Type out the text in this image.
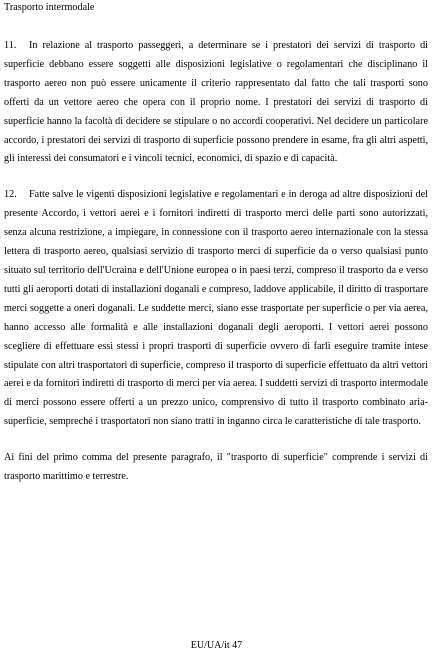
Trasporto intermodale

11. In relazione al trasporto passeggeri, a determinare se i prestatori dei servizi di trasporto di superficie debbano essere soggetti alle disposizioni legislative o regolamentari che disciplinano il trasporto aereo non può essere unicamente il criterio rappresentato dal fatto che tali trasporti sono offerti da un vettore aereo che opera con il proprio nome. I prestatori dei servizi di trasporto di superficie hanno la facoltà di decidere se stipulare o no accordi cooperativi. Nel decidere un particolare accordo, i prestatori dei servizi di trasporto di superficie possono prendere in esame, fra gli altri aspetti, gli interessi dei consumatori e i vincoli tecnici, economici, di spazio e di capacità.

12. Fatte salve le vigenti disposizioni legislative e regolamentari e in deroga ad altre disposizioni del presente Accordo, i vettori aerei e i fornitori indiretti di trasporto merci delle parti sono autorizzati, senza alcuna restrizione, a impiegare, in connessione con il trasporto aereo internazionale con la stessa lettera di trasporto aereo, qualsiasi servizio di trasporto merci di superficie da o verso qualsiasi punto situato sul territorio dell'Ucraina e dell'Unione europea o in paesi terzi, compreso il trasporto da e verso tutti gli aeroporti dotati di installazioni doganali e compreso, laddove applicabile, il diritto di trasportare merci soggette a oneri doganali. Le suddette merci, siano esse trasportate per superficie o per via aerea, hanno accesso alle formalità e alle installazioni doganali degli aeroporti. I vettori aerei possono scegliere di effettuare essi stessi i propri trasporti di superficie ovvero di farli eseguire tramite intese stipulate con altri trasportatori di superficie, compreso il trasporto di superficie effettuato da altri vettori aerei e da fornitori indiretti di trasporto di merci per via aerea. I suddetti servizi di trasporto intermodale di merci possono essere offerti a un prezzo unico, comprensivo di tutto il trasporto combinato aria-superficie, sempreché i trasportatori non siano tratti in inganno circa le caratteristiche di tale trasporto.

Ai fini del primo comma del presente paragrafo, il "trasporto di superficie" comprende i servizi di trasporto marittimo e terrestre.

EU/UA/it 47
